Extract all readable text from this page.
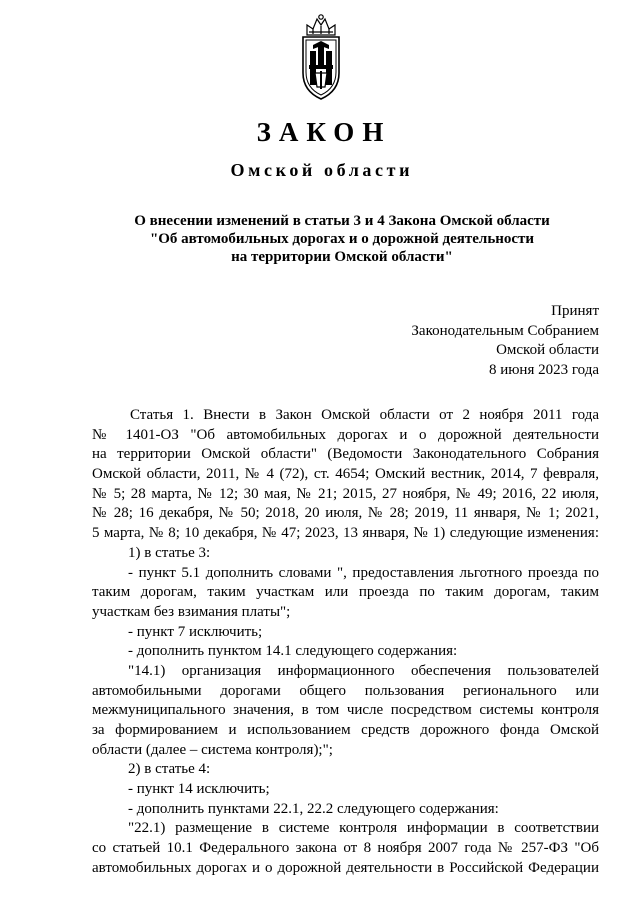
ЗАКОН
Омской области
О внесении изменений в статьи 3 и 4 Закона Омской области
"Об автомобильных дорогах и о дорожной деятельности
на территории Омской области"
Принят
Законодательным Собранием
Омской области
8 июня 2023 года
Статья 1. Внести в Закон Омской области от 2 ноября 2011 года
№ 1401-ОЗ "Об автомобильных дорогах и о дорожной деятельности
на территории Омской области" (Ведомости Законодательного Собрания
Омской области, 2011, № 4 (72), ст. 4654; Омский вестник, 2014, 7 февраля,
№ 5; 28 марта, № 12; 30 мая, № 21; 2015, 27 ноября, № 49; 2016, 22 июля,
№ 28; 16 декабря, № 50; 2018, 20 июля, № 28; 2019, 11 января, № 1; 2021,
5 марта, № 8; 10 декабря, № 47; 2023, 13 января, № 1) следующие изменения:
1) в статье 3:
- пункт 5.1 дополнить словами ", предоставления льготного проезда по
таким дорогам, таким участкам или проезда по таким дорогам, таким
участкам без взимания платы";
- пункт 7 исключить;
- дополнить пунктом 14.1 следующего содержания:
"14.1) организация информационного обеспечения пользователей
автомобильными дорогами общего пользования регионального или
межмуниципального значения, в том числе посредством системы контроля
за формированием и использованием средств дорожного фонда Омской
области (далее – система контроля);";
2) в статье 4:
- пункт 14 исключить;
- дополнить пунктами 22.1, 22.2 следующего содержания:
"22.1) размещение в системе контроля информации в соответствии
со статьей 10.1 Федерального закона от 8 ноября 2007 года № 257-ФЗ "Об
автомобильных дорогах и о дорожной деятельности в Российской Федерации
